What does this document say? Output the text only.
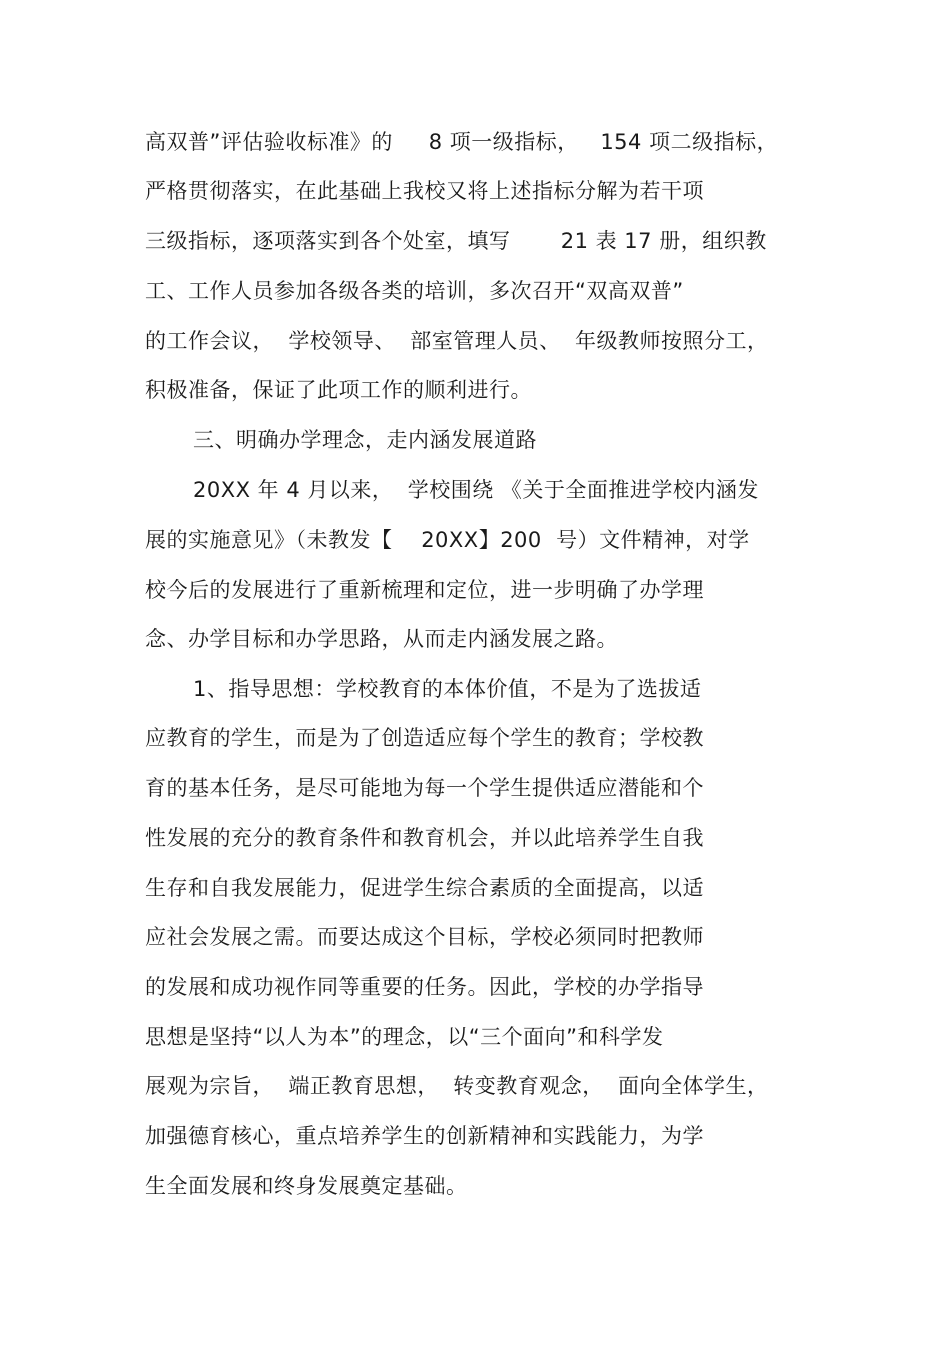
高双普”评估验收标准》的     8 项一级指标，   154 项二级指标，
严格贯彻落实，在此基础上我校又将上述指标分解为若干项
三级指标，逐项落实到各个处室，填写       21 表 17 册，组织教
工、工作人员参加各级各类的培训，多次召开“双高双普”
的工作会议，  学校领导、  部室管理人员、  年级教师按照分工，
积极准备，保证了此项工作的顺利进行。
三、明确办学理念，走内涵发展道路
20XX 年 4 月以来，  学校围绕 《关于全面推进学校内涵发
展的实施意见》（未教发【    20XX】200  号）文件精神，对学
校今后的发展进行了重新梳理和定位，进一步明确了办学理
念、办学目标和办学思路，从而走内涵发展之路。
1、指导思想：学校教育的本体价值，不是为了选拔适
应教育的学生，而是为了创造适应每个学生的教育；学校教
育的基本任务，是尽可能地为每一个学生提供适应潜能和个
性发展的充分的教育条件和教育机会，并以此培养学生自我
生存和自我发展能力，促进学生综合素质的全面提高，以适
应社会发展之需。而要达成这个目标，学校必须同时把教师
的发展和成功视作同等重要的任务。因此，学校的办学指导
思想是坚持“以人为本”的理念，以“三个面向”和科学发
展观为宗旨，  端正教育思想，  转变教育观念，  面向全体学生，
加强德育核心，重点培养学生的创新精神和实践能力，为学
生全面发展和终身发展奠定基础。
